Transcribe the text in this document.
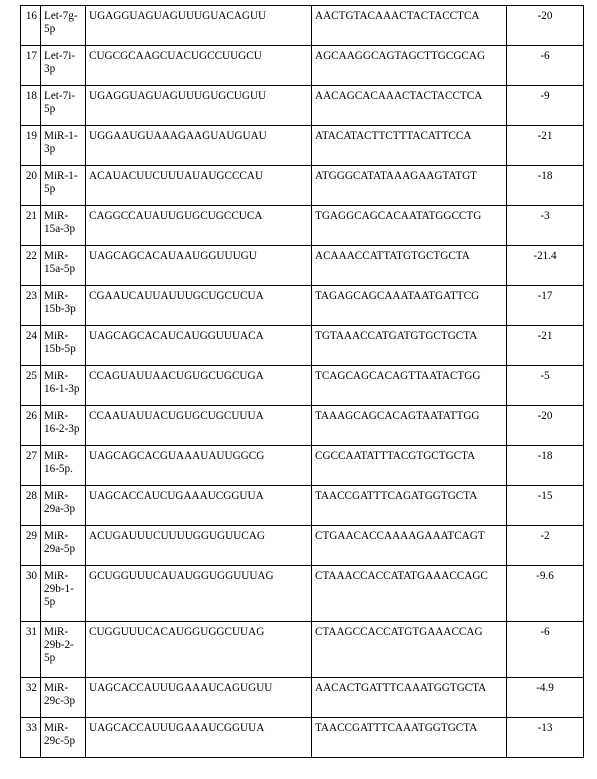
16	Let-7g-5p	UGAGGUAGUAGUUUGUACAGUU	AACTGTACAAACTACTACCTCA	-20
17	Let-7i-3p	CUGCGCAAGCUACUGCCUUGCU	AGCAAGGCAGTAGCTTGCGCAG	-6
18	Let-7i-5p	UGAGGUAGUAGUUUGUGCUGUU	AACAGCACAAACTACTACCTCA	-9
19	MiR-1-3p	UGGAAUGUAAAGAAGUAUGUAU	ATACATACTTCTTTACATTCCA	-21
20	MiR-1-5p	ACAUACUUCUUUAUAUGCCCAU	ATGGGCATATAAAGAAGTATGT	-18
21	MiR-15a-3p	CAGGCCAUAUUGUGCUGCCUCA	TGAGGCAGCACAATATGGCCTG	-3
22	MiR-15a-5p	UAGCAGCACAUAAUGGUUUGU	ACAAACCATTATGTGCTGCTA	-21.4
23	MiR-15b-3p	CGAAUCAUUAUUUGCUGCUCUA	TAGAGCAGCAAATAATGATTCG	-17
24	MiR-15b-5p	UAGCAGCACAUCAUGGUUUACA	TGTAAACCATGATGTGCTGCTA	-21
25	MiR-16-1-3p	CCAGUAUUAACUGUGCUGCUGA	TCAGCAGCACAGTTAATACTGG	-5
26	MiR-16-2-3p	CCAAUAUUACUGUGCUGCUUUA	TAAAGCAGCACAGTAATATTGG	-20
27	MiR-16-5p.	UAGCAGCACGUAAAUAUUGGCG	CGCCAATATTTACGTGCTGCTA	-18
28	MiR-29a-3p	UAGCACCAUCUGAAAUCGGUUA	TAACCGATTTCAGATGGTGCTA	-15
29	MiR-29a-5p	ACUGAUUUCUUUUGGUGUUCAG	CTGAACACCAAAAGAAATCAGT	-2
30	MiR-29b-1-5p	GCUGGUUUCAUAUGGUGGUUUAG	CTAAACCACCATATGAAACCAGC	-9.6
31	MiR-29b-2-5p	CUGGUUUCACAUGGUGGCUUAG	CTAAGCCACCATGTGAAACCAG	-6
32	MiR-29c-3p	UAGCACCAUUUGAAAUCAGUGUU	AACACTGATTTCAAATGGTGCTA	-4.9
33	MiR-29c-5p	UAGCACCAUUUGAAAUCGGUUA	TAACCGATTTCAAATGGTGCTA	-13
